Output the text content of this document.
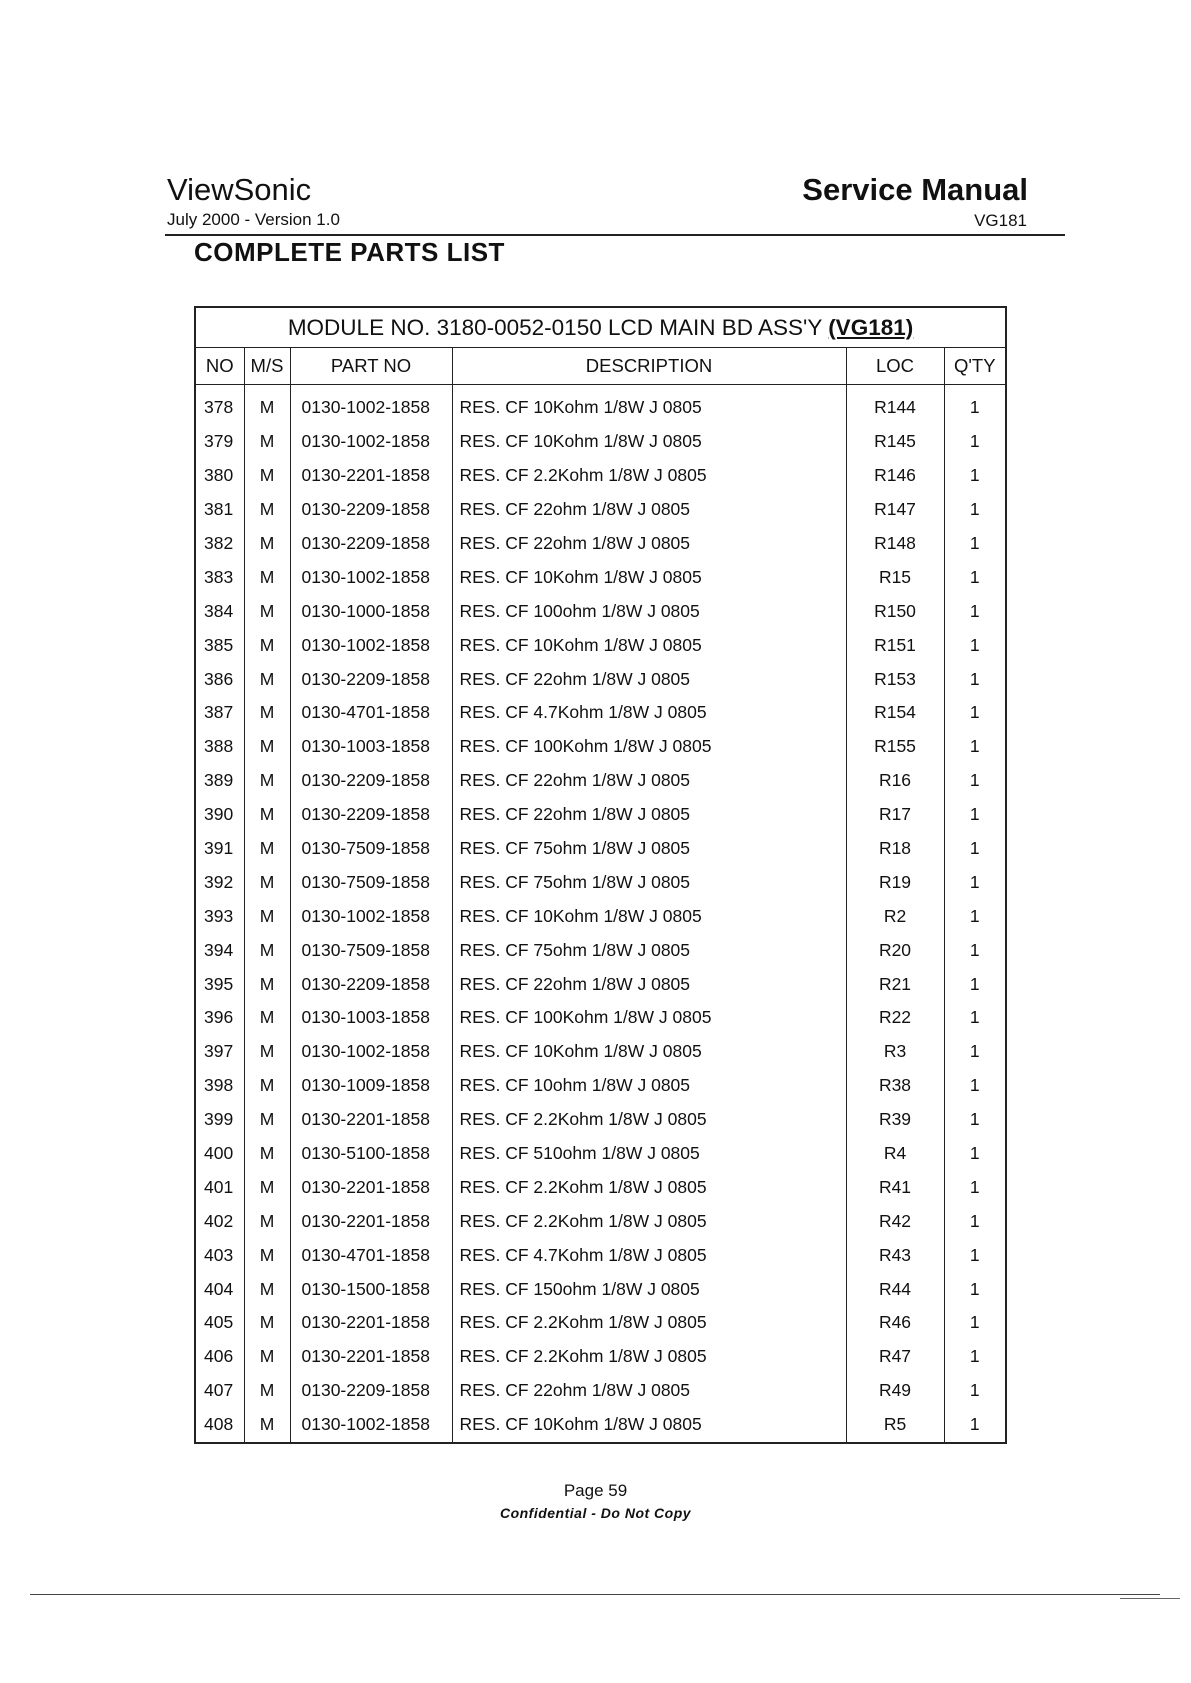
ViewSonic
July 2000 - Version 1.0
Service Manual
VG181
COMPLETE PARTS LIST
MODULE NO. 3180-0052-0150 LCD MAIN BD ASS'Y (VG181)					
NO	M/S	PART NO	DESCRIPTION	LOC	Q'TY
378	M	0130-1002-1858	RES. CF 10Kohm 1/8W J 0805	R144	1
379	M	0130-1002-1858	RES. CF 10Kohm 1/8W J 0805	R145	1
380	M	0130-2201-1858	RES. CF 2.2Kohm 1/8W J 0805	R146	1
381	M	0130-2209-1858	RES. CF 22ohm 1/8W J 0805	R147	1
382	M	0130-2209-1858	RES. CF 22ohm 1/8W J 0805	R148	1
383	M	0130-1002-1858	RES. CF 10Kohm 1/8W J 0805	R15	1
384	M	0130-1000-1858	RES. CF 100ohm 1/8W J 0805	R150	1
385	M	0130-1002-1858	RES. CF 10Kohm 1/8W J 0805	R151	1
386	M	0130-2209-1858	RES. CF 22ohm 1/8W J 0805	R153	1
387	M	0130-4701-1858	RES. CF 4.7Kohm 1/8W J 0805	R154	1
388	M	0130-1003-1858	RES. CF 100Kohm 1/8W J 0805	R155	1
389	M	0130-2209-1858	RES. CF 22ohm 1/8W J 0805	R16	1
390	M	0130-2209-1858	RES. CF 22ohm 1/8W J 0805	R17	1
391	M	0130-7509-1858	RES. CF 75ohm 1/8W J 0805	R18	1
392	M	0130-7509-1858	RES. CF 75ohm 1/8W J 0805	R19	1
393	M	0130-1002-1858	RES. CF 10Kohm 1/8W J 0805	R2	1
394	M	0130-7509-1858	RES. CF 75ohm 1/8W J 0805	R20	1
395	M	0130-2209-1858	RES. CF 22ohm 1/8W J 0805	R21	1
396	M	0130-1003-1858	RES. CF 100Kohm 1/8W J 0805	R22	1
397	M	0130-1002-1858	RES. CF 10Kohm 1/8W J 0805	R3	1
398	M	0130-1009-1858	RES. CF 10ohm 1/8W J 0805	R38	1
399	M	0130-2201-1858	RES. CF 2.2Kohm 1/8W J 0805	R39	1
400	M	0130-5100-1858	RES. CF 510ohm 1/8W J 0805	R4	1
401	M	0130-2201-1858	RES. CF 2.2Kohm 1/8W J 0805	R41	1
402	M	0130-2201-1858	RES. CF 2.2Kohm 1/8W J 0805	R42	1
403	M	0130-4701-1858	RES. CF 4.7Kohm 1/8W J 0805	R43	1
404	M	0130-1500-1858	RES. CF 150ohm 1/8W J 0805	R44	1
405	M	0130-2201-1858	RES. CF 2.2Kohm 1/8W J 0805	R46	1
406	M	0130-2201-1858	RES. CF 2.2Kohm 1/8W J 0805	R47	1
407	M	0130-2209-1858	RES. CF 22ohm 1/8W J 0805	R49	1
408	M	0130-1002-1858	RES. CF 10Kohm 1/8W J 0805	R5	1
Page 59
Confidential - Do Not Copy
